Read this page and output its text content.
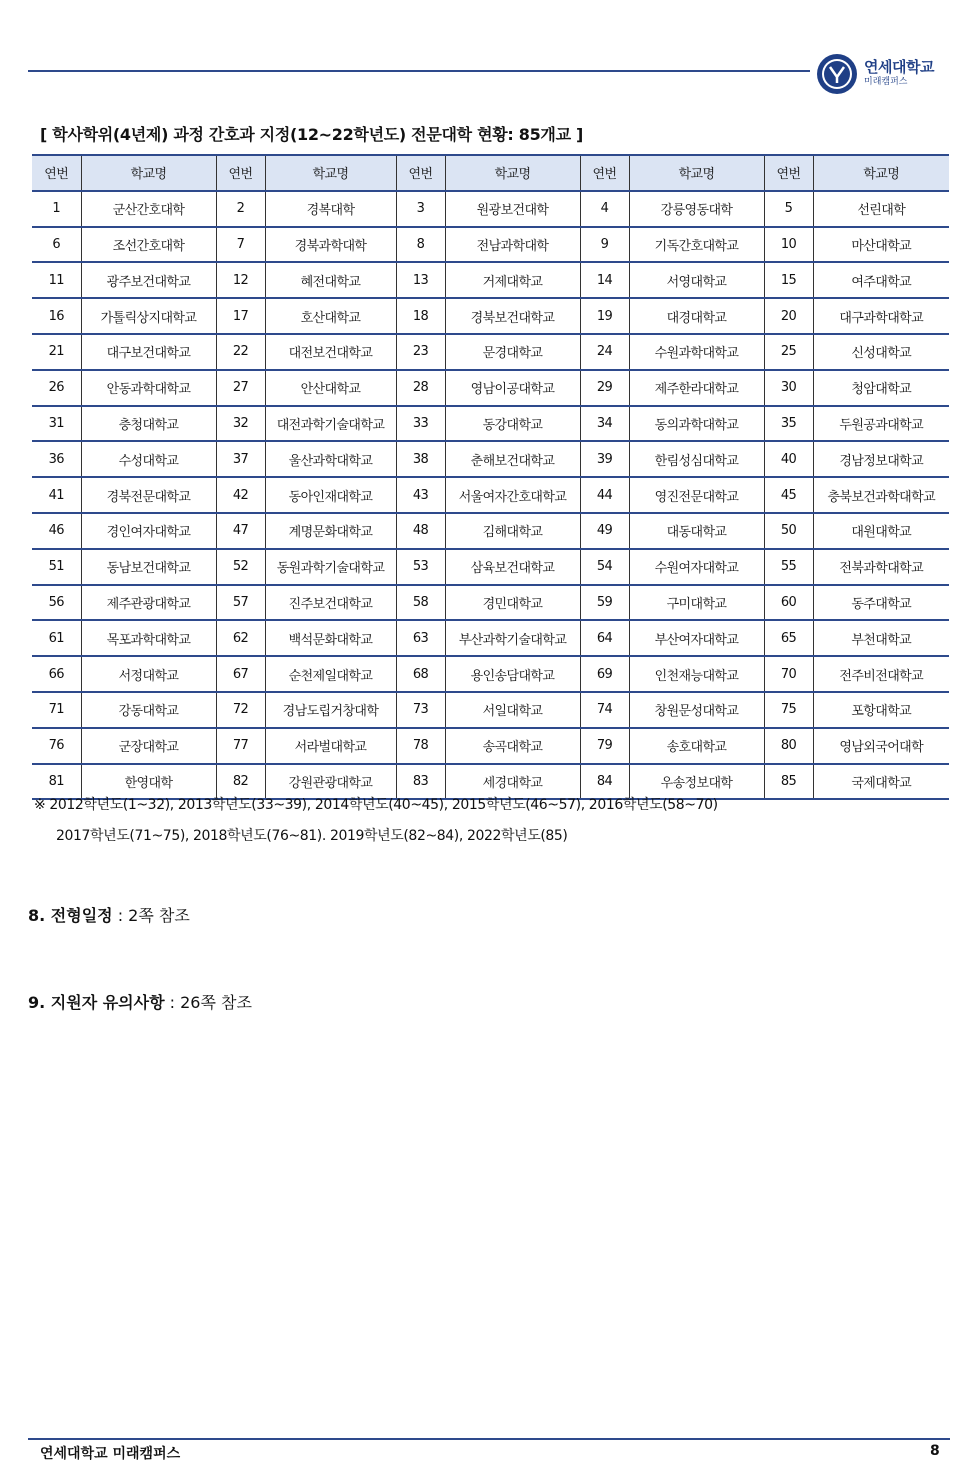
연세대학교
미래캠퍼스
[ 학사학위(4년제) 과정 간호과 지정(12~22학년도) 전문대학 현황: 85개교 ]
연번	학교명	연번	학교명	연번	학교명	연번	학교명	연번	학교명
1	군산간호대학	2	경복대학	3	원광보건대학	4	강릉영동대학	5	선린대학
6	조선간호대학	7	경북과학대학	8	전남과학대학	9	기독간호대학교	10	마산대학교
11	광주보건대학교	12	혜전대학교	13	거제대학교	14	서영대학교	15	여주대학교
16	가톨릭상지대학교	17	호산대학교	18	경북보건대학교	19	대경대학교	20	대구과학대학교
21	대구보건대학교	22	대전보건대학교	23	문경대학교	24	수원과학대학교	25	신성대학교
26	안동과학대학교	27	안산대학교	28	영남이공대학교	29	제주한라대학교	30	청암대학교
31	충청대학교	32	대전과학기술대학교	33	동강대학교	34	동의과학대학교	35	두원공과대학교
36	수성대학교	37	울산과학대학교	38	춘해보건대학교	39	한림성심대학교	40	경남정보대학교
41	경북전문대학교	42	동아인재대학교	43	서울여자간호대학교	44	영진전문대학교	45	충북보건과학대학교
46	경인여자대학교	47	계명문화대학교	48	김해대학교	49	대동대학교	50	대원대학교
51	동남보건대학교	52	동원과학기술대학교	53	삼육보건대학교	54	수원여자대학교	55	전북과학대학교
56	제주관광대학교	57	진주보건대학교	58	경민대학교	59	구미대학교	60	동주대학교
61	목포과학대학교	62	백석문화대학교	63	부산과학기술대학교	64	부산여자대학교	65	부천대학교
66	서정대학교	67	순천제일대학교	68	용인송담대학교	69	인천재능대학교	70	전주비전대학교
71	강동대학교	72	경남도립거창대학	73	서일대학교	74	창원문성대학교	75	포항대학교
76	군장대학교	77	서라벌대학교	78	송곡대학교	79	송호대학교	80	영남외국어대학
81	한영대학	82	강원관광대학교	83	세경대학교	84	우송정보대학	85	국제대학교
※ 2012학년도(1~32), 2013학년도(33~39), 2014학년도(40~45), 2015학년도(46~57), 2016학년도(58~70)
2017학년도(71~75), 2018학년도(76~81). 2019학년도(82~84), 2022학년도(85)
8. 전형일정 : 2쪽 참조
9. 지원자 유의사항 : 26쪽 참조
연세대학교 미래캠퍼스	8
